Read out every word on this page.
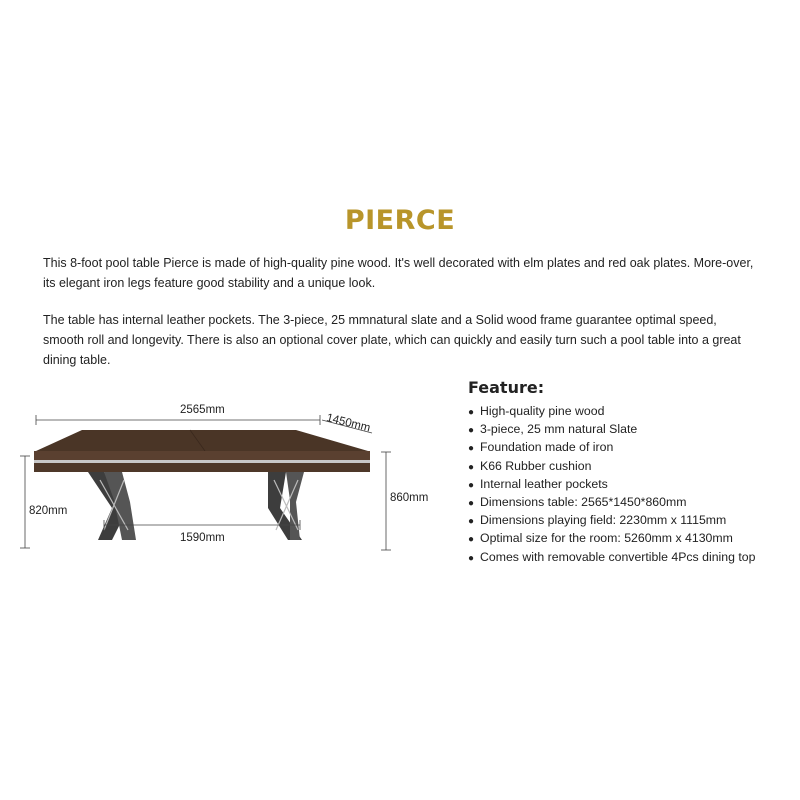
PIERCE

This 8-foot pool table Pierce is made of high-quality pine wood. It's well decorated with elm plates and red oak plates. More-over, its elegant iron legs feature good stability and a unique look.

The table has internal leather pockets. The 3-piece, 25 mmnatural slate and a Solid wood frame guarantee optimal speed, smooth roll and longevity. There is also an optional cover plate, which can quickly and easily turn such a pool table into a great dining table.

2565mm
1450mm
820mm
860mm
1590mm
Feature:
● High-quality pine wood
● 3-piece, 25 mm natural Slate
● Foundation made of iron
● K66 Rubber cushion
● Internal leather pockets
● Dimensions table: 2565*1450*860mm
● Dimensions playing field: 2230mm x 1115mm
● Optimal size for the room: 5260mm x 4130mm
● Comes with removable convertible 4Pcs dining top
